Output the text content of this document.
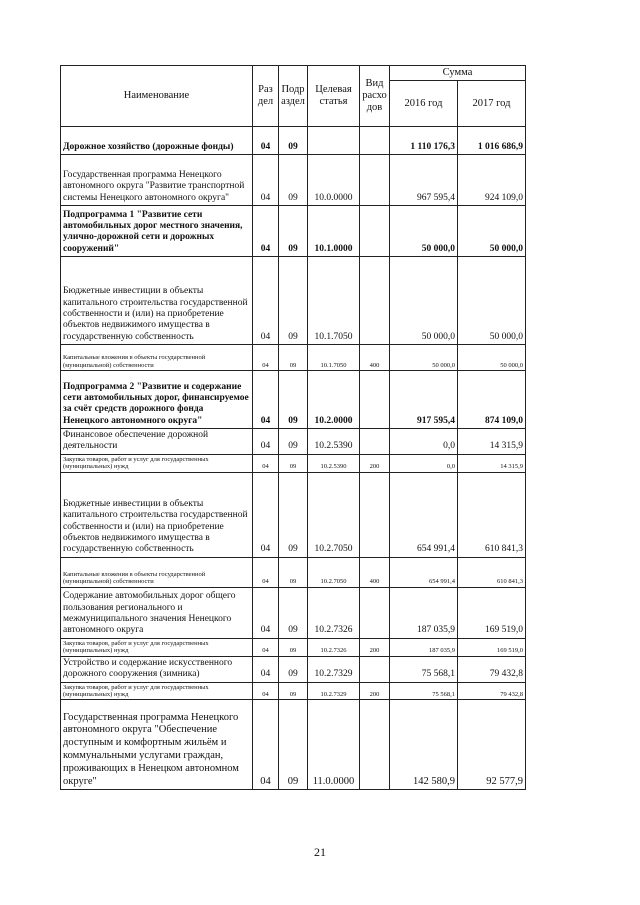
Наименование	Раз дел	Подр аздел	Целевая статья	Вид расхо дов	Сумма	
					2016 год	2017 год
Дорожное хозяйство (дорожные фонды)	04	09			1 110 176,3	1 016 686,9
Государственная программа Ненецкого автономного округа "Развитие транспортной системы Ненецкого автономного округа"	04	09	10.0.0000		967 595,4	924 109,0
Подпрограмма 1 "Развитие сети автомобильных дорог местного значения, улично-дорожной сети и дорожных сооружений"	04	09	10.1.0000		50 000,0	50 000,0
Бюджетные инвестиции в объекты капитального строительства государственной собственности и (или) на приобретение объектов недвижимого имущества в государственную собственность	04	09	10.1.7050		50 000,0	50 000,0
Капитальные вложения в объекты государственной (муниципальной) собственности	04	09	10.1.7050	400	50 000,0	50 000,0
Подпрограмма 2 "Развитие и содержание сети автомобильных дорог, финансируемое за счёт средств дорожного фонда Ненецкого автономного округа"	04	09	10.2.0000		917 595,4	874 109,0
Финансовое обеспечение дорожной деятельности	04	09	10.2.5390		0,0	14 315,9
Закупка товаров, работ и услуг для государственных (муниципальных) нужд	04	09	10.2.5390	200	0,0	14 315,9
Бюджетные инвестиции в объекты капитального строительства государственной собственности и (или) на приобретение объектов недвижимого имущества в государственную собственность	04	09	10.2.7050		654 991,4	610 841,3
Капитальные вложения в объекты государственной (муниципальной) собственности	04	09	10.2.7050	400	654 991,4	610 841,3
Содержание автомобильных дорог общего пользования регионального и межмуниципального значения Ненецкого автономного округа	04	09	10.2.7326		187 035,9	169 519,0
Закупка товаров, работ и услуг для государственных (муниципальных) нужд	04	09	10.2.7326	200	187 035,9	169 519,0
Устройство и содержание искусственного дорожного сооружения (зимника)	04	09	10.2.7329		75 568,1	79 432,8
Закупка товаров, работ и услуг для государственных (муниципальных) нужд	04	09	10.2.7329	200	75 568,1	79 432,8
Государственная программа Ненецкого автономного округа "Обеспечение доступным и комфортным жильём и коммунальными услугами граждан, проживающих в Ненецком автономном округе"	04	09	11.0.0000		142 580,9	92 577,9
21
